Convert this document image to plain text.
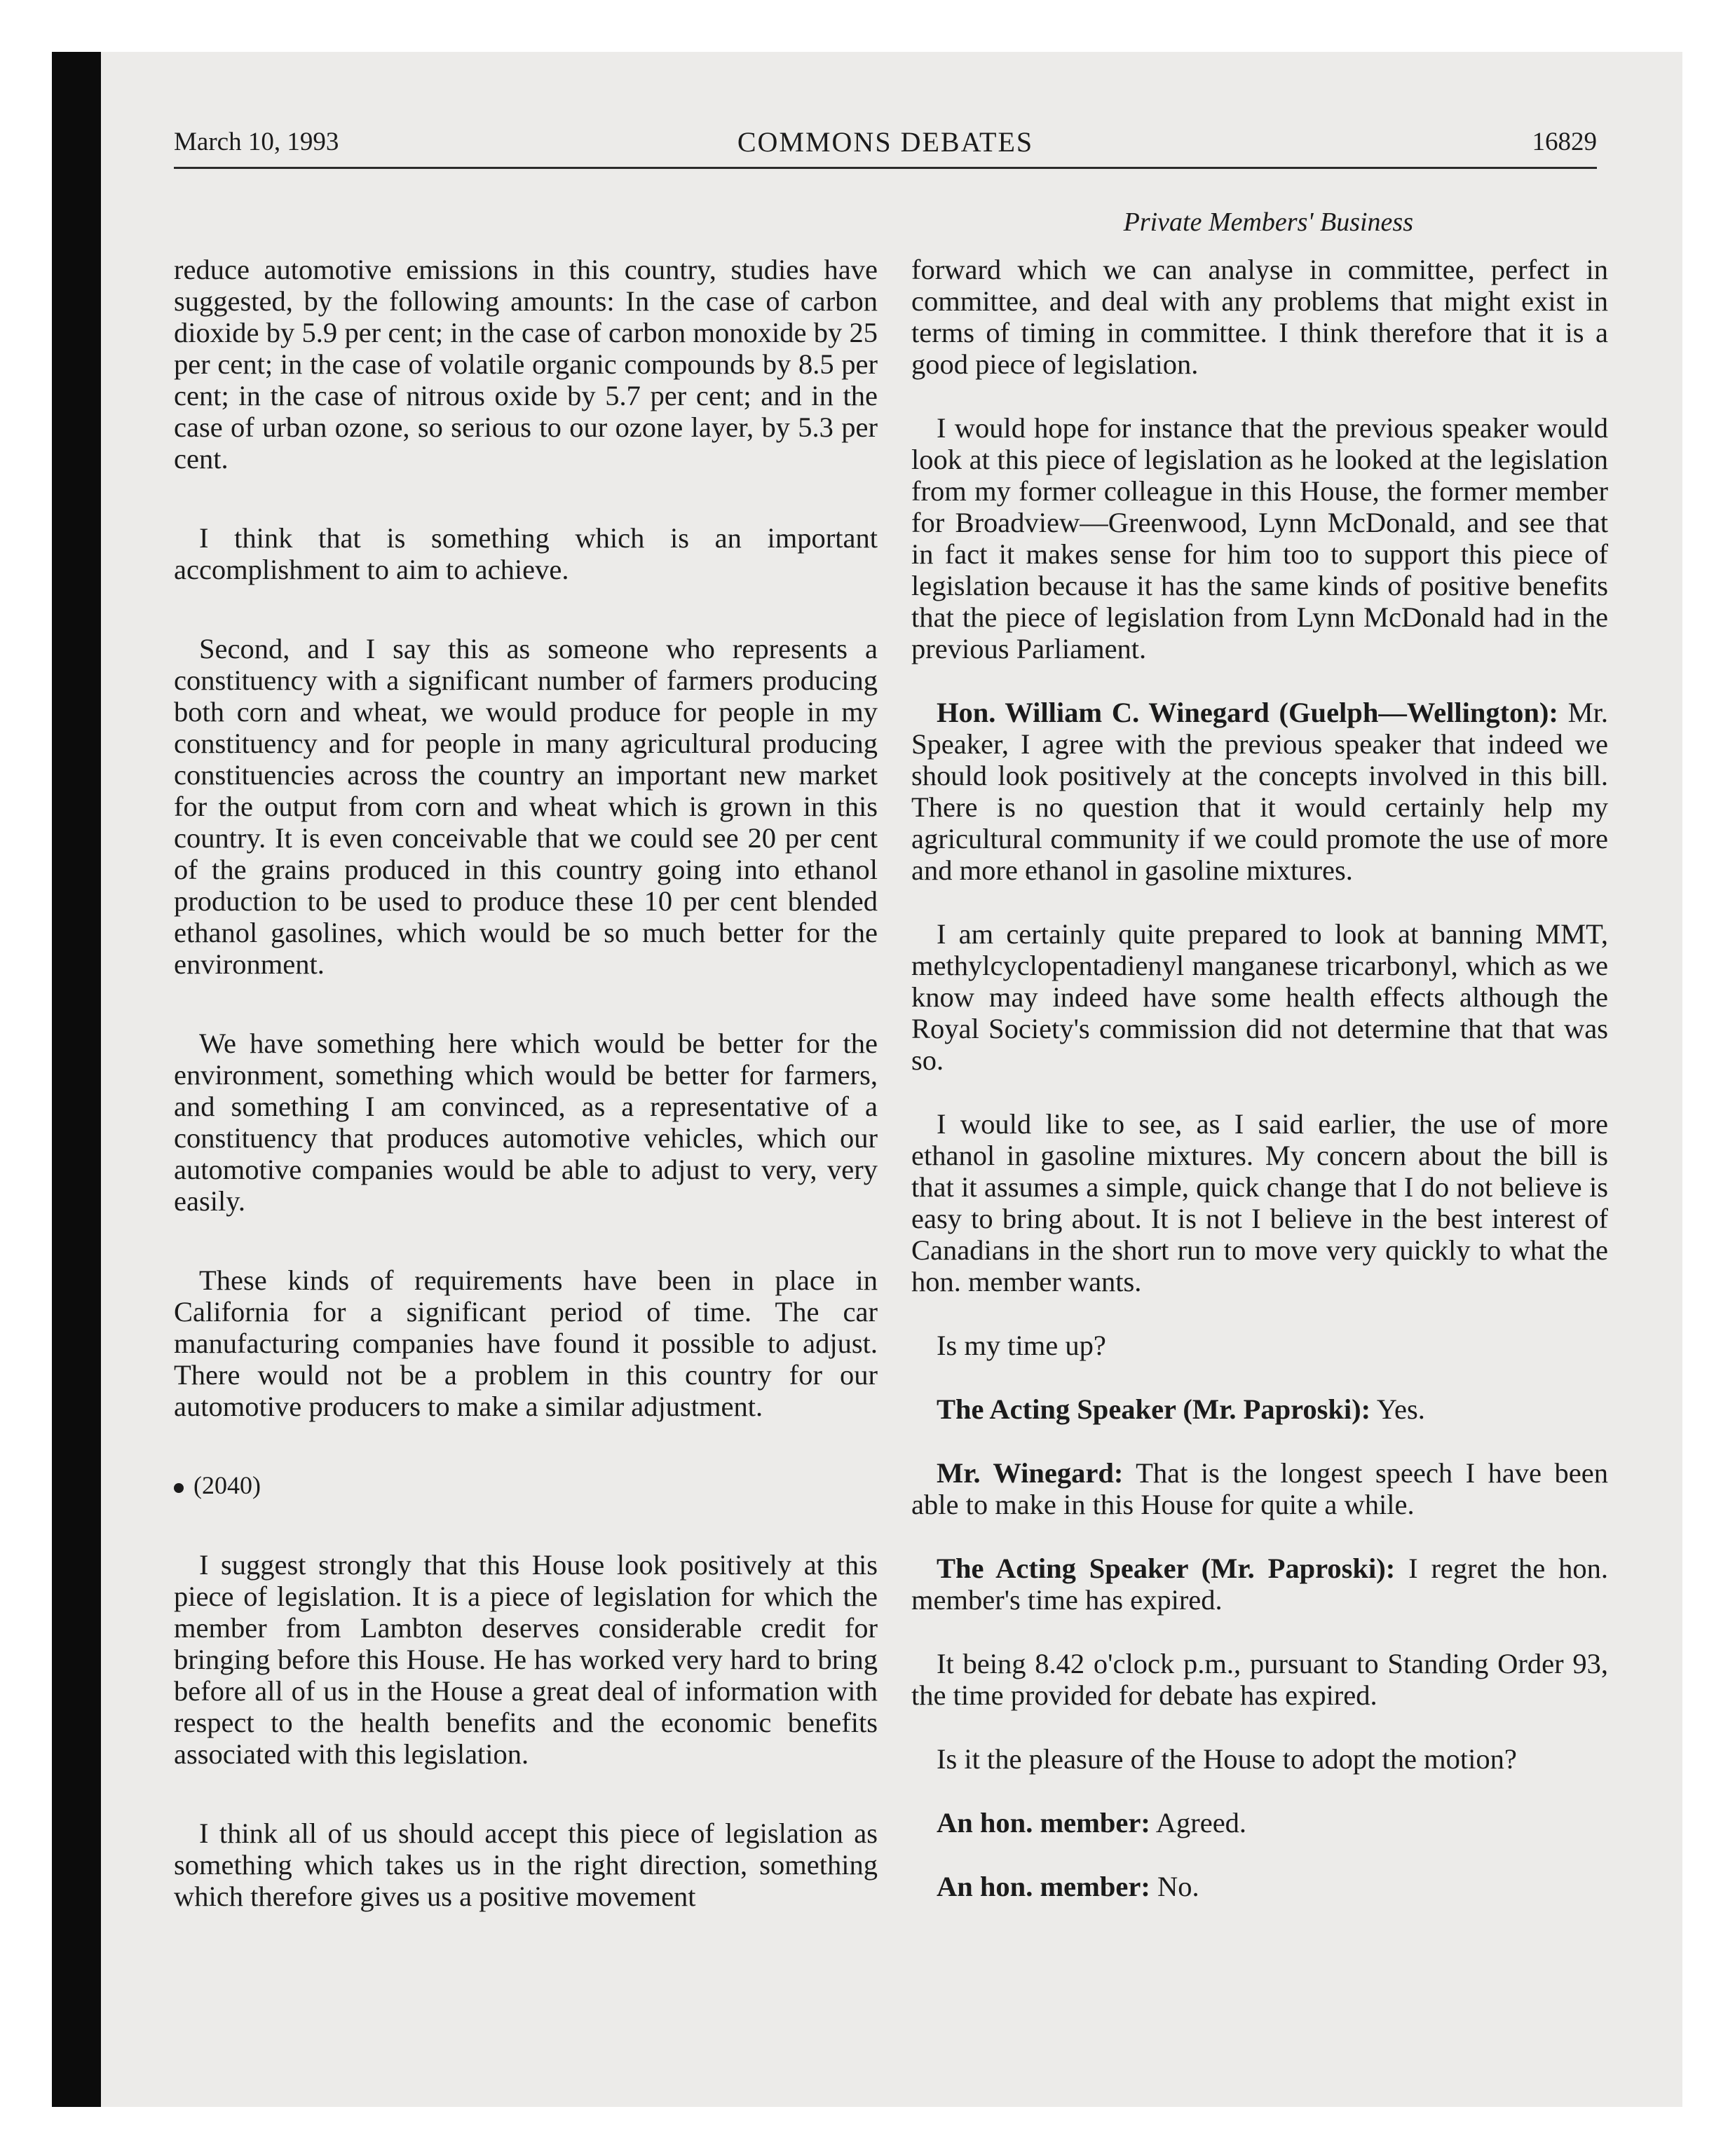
March 10, 1993	COMMONS DEBATES	16829
Private Members' Business

reduce automotive emissions in this country, studies have suggested, by the following amounts: In the case of carbon dioxide by 5.9 per cent; in the case of carbon monoxide by 25 per cent; in the case of volatile organic compounds by 8.5 per cent; in the case of nitrous oxide by 5.7 per cent; and in the case of urban ozone, so serious to our ozone layer, by 5.3 per cent.

I think that is something which is an important accomplishment to aim to achieve.

Second, and I say this as someone who represents a constituency with a significant number of farmers producing both corn and wheat, we would produce for people in my constituency and for people in many agricultural producing constituencies across the country an important new market for the output from corn and wheat which is grown in this country. It is even conceivable that we could see 20 per cent of the grains produced in this country going into ethanol production to be used to produce these 10 per cent blended ethanol gasolines, which would be so much better for the environment.

We have something here which would be better for the environment, something which would be better for farmers, and something I am convinced, as a representative of a constituency that produces automotive vehicles, which our automotive companies would be able to adjust to very, very easily.

These kinds of requirements have been in place in California for a significant period of time. The car manufacturing companies have found it possible to adjust. There would not be a problem in this country for our automotive producers to make a similar adjustment.

(2040)

I suggest strongly that this House look positively at this piece of legislation. It is a piece of legislation for which the member from Lambton deserves considerable credit for bringing before this House. He has worked very hard to bring before all of us in the House a great deal of information with respect to the health benefits and the economic benefits associated with this legislation.

I think all of us should accept this piece of legislation as something which takes us in the right direction, something which therefore gives us a positive movement

forward which we can analyse in committee, perfect in committee, and deal with any problems that might exist in terms of timing in committee. I think therefore that it is a good piece of legislation.

I would hope for instance that the previous speaker would look at this piece of legislation as he looked at the legislation from my former colleague in this House, the former member for Broadview—Greenwood, Lynn McDonald, and see that in fact it makes sense for him too to support this piece of legislation because it has the same kinds of positive benefits that the piece of legislation from Lynn McDonald had in the previous Parliament.

Hon. William C. Winegard (Guelph—Wellington): Mr. Speaker, I agree with the previous speaker that indeed we should look positively at the concepts involved in this bill. There is no question that it would certainly help my agricultural community if we could promote the use of more and more ethanol in gasoline mixtures.

I am certainly quite prepared to look at banning MMT, methylcyclopentadienyl manganese tricarbonyl, which as we know may indeed have some health effects although the Royal Society's commission did not determine that that was so.

I would like to see, as I said earlier, the use of more ethanol in gasoline mixtures. My concern about the bill is that it assumes a simple, quick change that I do not believe is easy to bring about. It is not I believe in the best interest of Canadians in the short run to move very quickly to what the hon. member wants.

Is my time up?

The Acting Speaker (Mr. Paproski): Yes.

Mr. Winegard: That is the longest speech I have been able to make in this House for quite a while.

The Acting Speaker (Mr. Paproski): I regret the hon. member's time has expired.

It being 8.42 o'clock p.m., pursuant to Standing Order 93, the time provided for debate has expired.

Is it the pleasure of the House to adopt the motion?

An hon. member: Agreed.

An hon. member: No.
